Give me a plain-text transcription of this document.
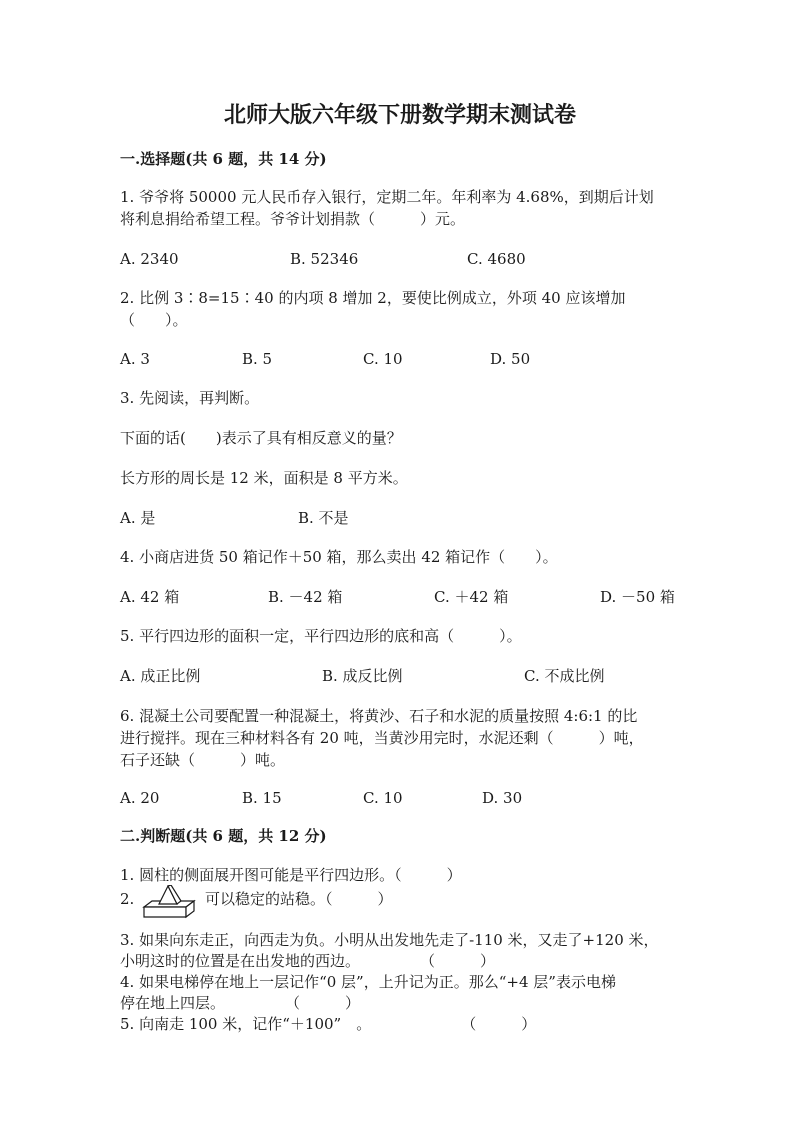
北师大版六年级下册数学期末测试卷
一.选择题(共 6 题，共 14 分)
1. 爷爷将 50000 元人民币存入银行，定期二年。年利率为 4.68%，到期后计划
将利息捐给希望工程。爷爷计划捐款（　　　）元。
A. 2340	B. 52346	C. 4680
2. 比例 3∶8=15∶40 的内项 8 增加 2，要使比例成立，外项 40 应该增加
（　　）。
A. 3	B. 5	C. 10	D. 50
3. 先阅读，再判断。
下面的话(　　)表示了具有相反意义的量？
长方形的周长是 12 米，面积是 8 平方米。
A. 是	B. 不是
4. 小商店进货 50 箱记作＋50 箱，那么卖出 42 箱记作（　　）。
A. 42 箱	B. －42 箱	C. ＋42 箱	D. －50 箱
5. 平行四边形的面积一定，平行四边形的底和高（　　　）。
A. 成正比例	B. 成反比例	C. 不成比例
6. 混凝土公司要配置一种混凝土，将黄沙、石子和水泥的质量按照 4:6:1 的比
进行搅拌。现在三种材料各有 20 吨，当黄沙用完时，水泥还剩（　　　）吨，
石子还缺（　　　）吨。
A. 20	B. 15	C. 10	D. 30
二.判断题(共 6 题，共 12 分)
1. 圆柱的侧面展开图可能是平行四边形。（　　　）
2.	可以稳定的站稳。（　　　）
3. 如果向东走正，向西走为负。小明从出发地先走了-110 米，又走了+120 米，
小明这时的位置是在出发地的西边。　　　　　（　　　）
4. 如果电梯停在地上一层记作“0 层”，上升记为正。那么“+4 层”表示电梯
停在地上四层。　　　　　（　　　）
5. 向南走 100 米，记作“＋100”　。　　　　　　　（　　　）
